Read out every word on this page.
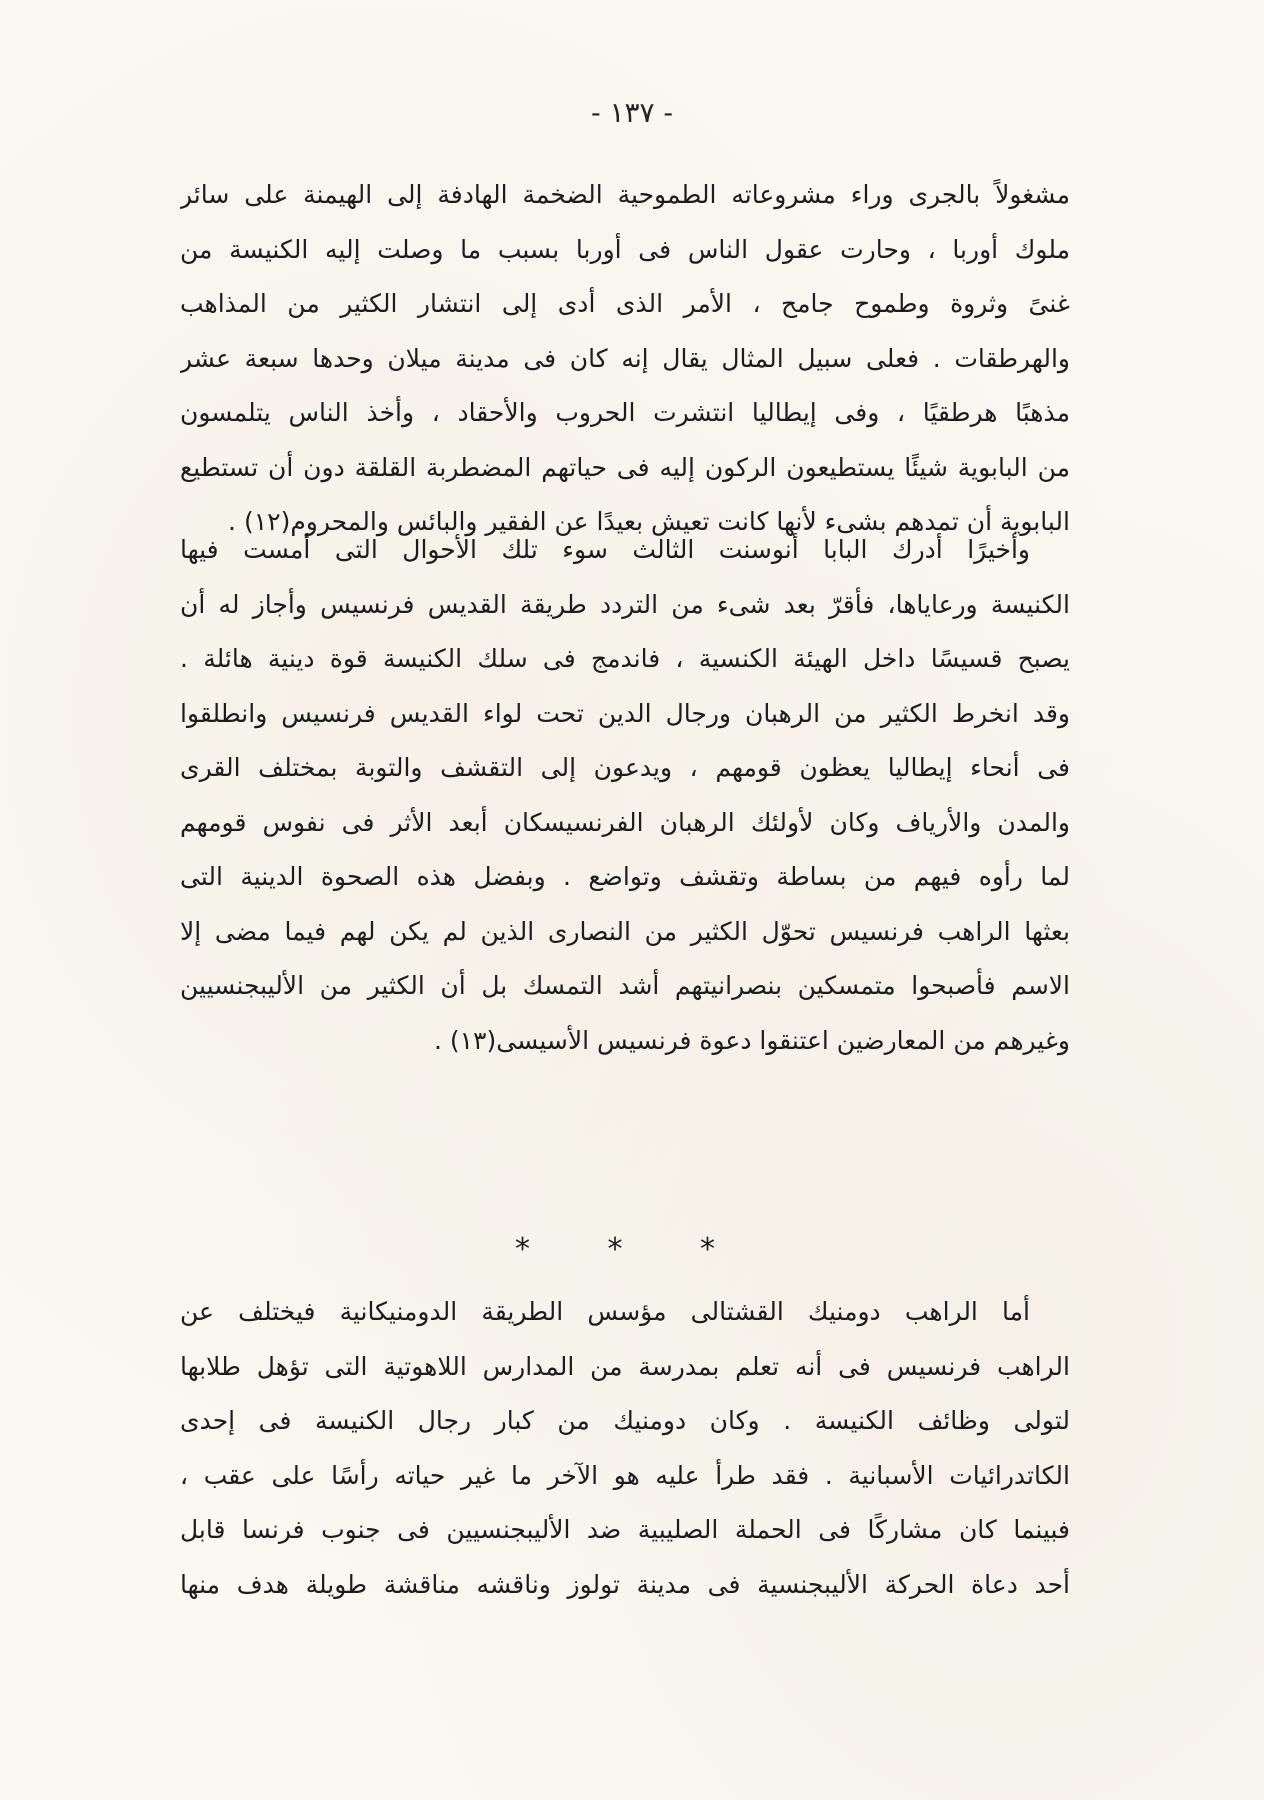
- ١٣٧ -
مشغولاً بالجرى وراء مشروعاته الطموحية الضخمة الهادفة إلى الهيمنة على سائر
ملوك أوربا ، وحارت عقول الناس فى أوربا بسبب ما وصلت إليه الكنيسة من
غنىً وثروة وطموح جامح ، الأمر الذى أدى إلى انتشار الكثير من المذاهب
والهرطقات . فعلى سبيل المثال يقال إنه كان فى مدينة ميلان وحدها سبعة عشر
مذهبًا هرطقيًا ، وفى إيطاليا انتشرت الحروب والأحقاد ، وأخذ الناس يتلمسون
من البابوية شيئًا يستطيعون الركون إليه فى حياتهم المضطربة القلقة دون أن تستطيع
البابوية أن تمدهم بشىء لأنها كانت تعيش بعيدًا عن الفقير والبائس والمحروم(١٢) .
وأخيرًا أدرك البابا أنوسنت الثالث سوء تلك الأحوال التى أمست فيها
الكنيسة ورعاياها، فأقرّ بعد شىء من التردد طريقة القديس فرنسيس وأجاز له أن
يصبح قسيسًا داخل الهيئة الكنسية ، فاندمج فى سلك الكنيسة قوة دينية هائلة .
وقد انخرط الكثير من الرهبان ورجال الدين تحت لواء القديس فرنسيس وانطلقوا
فى أنحاء إيطاليا يعظون قومهم ، ويدعون إلى التقشف والتوبة بمختلف القرى
والمدن والأرياف وكان لأولئك الرهبان الفرنسيسكان أبعد الأثر فى نفوس قومهم
لما رأوه فيهم من بساطة وتقشف وتواضع . وبفضل هذه الصحوة الدينية التى
بعثها الراهب فرنسيس تحوّل الكثير من النصارى الذين لم يكن لهم فيما مضى إلا
الاسم فأصبحوا متمسكين بنصرانيتهم أشد التمسك بل أن الكثير من الأليبجنسيين
وغيرهم من المعارضين اعتنقوا دعوة فرنسيس الأسيسى(١٣) .
* * *
أما الراهب دومنيك القشتالى مؤسس الطريقة الدومنيكانية فيختلف عن
الراهب فرنسيس فى أنه تعلم بمدرسة من المدارس اللاهوتية التى تؤهل طلابها
لتولى وظائف الكنيسة . وكان دومنيك من كبار رجال الكنيسة فى إحدى
الكاتدرائيات الأسبانية . فقد طرأ عليه هو الآخر ما غير حياته رأسًا على عقب ،
فبينما كان مشاركًا فى الحملة الصليبية ضد الأليبجنسيين فى جنوب فرنسا قابل
أحد دعاة الحركة الأليبجنسية فى مدينة تولوز وناقشه مناقشة طويلة هدف منها
